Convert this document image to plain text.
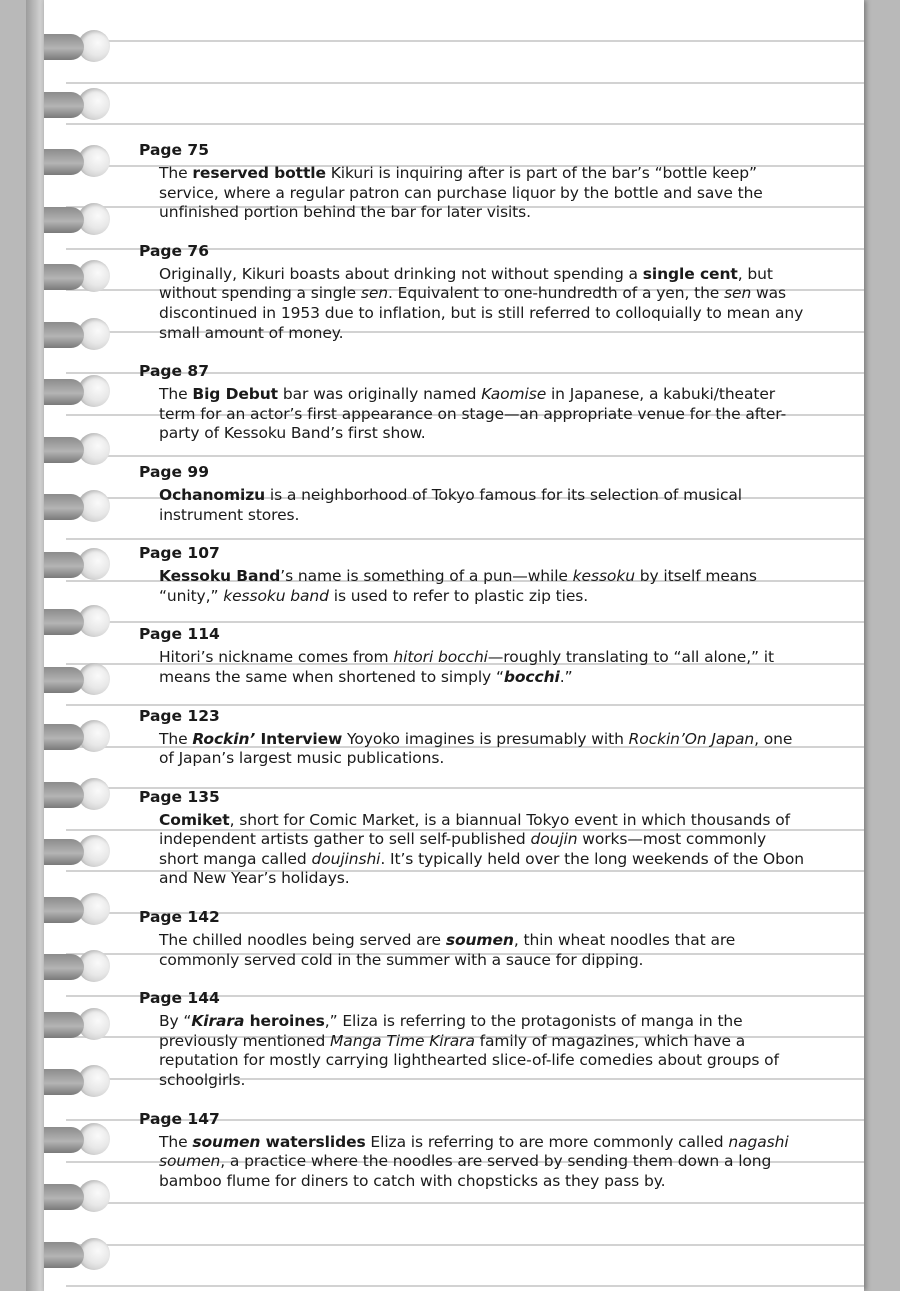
Page 75
The reserved bottle Kikuri is inquiring after is part of the bar’s “bottle keep” service, where a regular patron can purchase liquor by the bottle and save the unfinished portion behind the bar for later visits.
Page 76
Originally, Kikuri boasts about drinking not without spending a single cent, but without spending a single sen. Equivalent to one-hundredth of a yen, the sen was discontinued in 1953 due to inflation, but is still referred to colloquially to mean any small amount of money.
Page 87
The Big Debut bar was originally named Kaomise in Japanese, a kabuki/theater term for an actor’s first appearance on stage—an appropriate venue for the after-party of Kessoku Band’s first show.
Page 99
Ochanomizu is a neighborhood of Tokyo famous for its selection of musical instrument stores.
Page 107
Kessoku Band’s name is something of a pun—while kessoku by itself means “unity,” kessoku band is used to refer to plastic zip ties.
Page 114
Hitori’s nickname comes from hitori bocchi—roughly translating to “all alone,” it means the same when shortened to simply “bocchi.”
Page 123
The Rockin’ Interview Yoyoko imagines is presumably with Rockin’On Japan, one of Japan’s largest music publications.
Page 135
Comiket, short for Comic Market, is a biannual Tokyo event in which thousands of independent artists gather to sell self-published doujin works—most commonly short manga called doujinshi. It’s typically held over the long weekends of the Obon and New Year’s holidays.
Page 142
The chilled noodles being served are soumen, thin wheat noodles that are commonly served cold in the summer with a sauce for dipping.
Page 144
By “Kirara heroines,” Eliza is referring to the protagonists of manga in the previously mentioned Manga Time Kirara family of magazines, which have a reputation for mostly carrying lighthearted slice-of-life comedies about groups of schoolgirls.
Page 147
The soumen waterslides Eliza is referring to are more commonly called nagashi soumen, a practice where the noodles are served by sending them down a long bamboo flume for diners to catch with chopsticks as they pass by.
